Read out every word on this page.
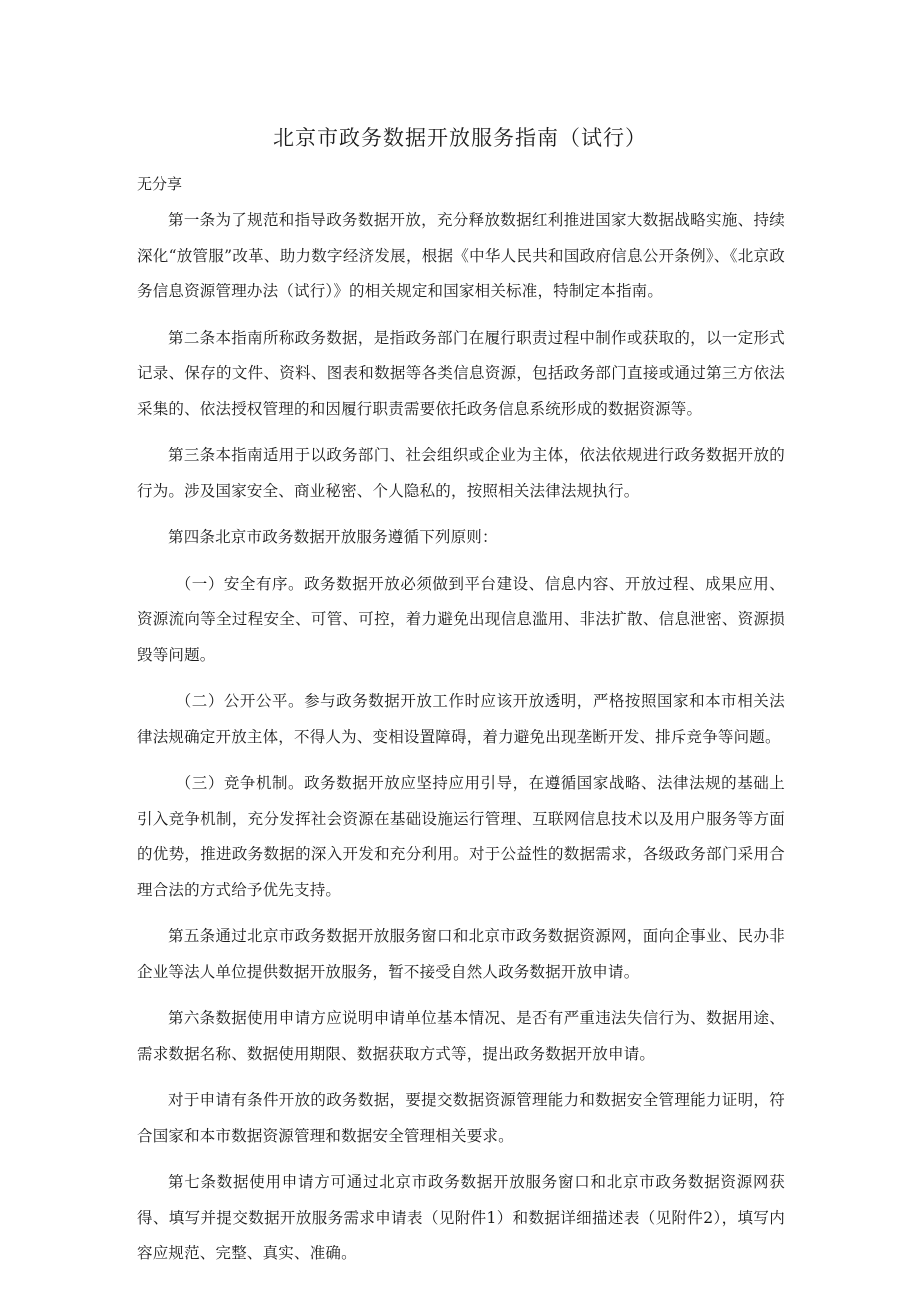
北京市政务数据开放服务指南（试行）

无分享

第一条为了规范和指导政务数据开放，充分释放数据红利推进国家大数据战略实施、持续深化“放管服”改革、助力数字经济发展，根据《中华人民共和国政府信息公开条例》、《北京政务信息资源管理办法（试行）》的相关规定和国家相关标准，特制定本指南。

第二条本指南所称政务数据，是指政务部门在履行职责过程中制作或获取的，以一定形式记录、保存的文件、资料、图表和数据等各类信息资源，包括政务部门直接或通过第三方依法采集的、依法授权管理的和因履行职责需要依托政务信息系统形成的数据资源等。

第三条本指南适用于以政务部门、社会组织或企业为主体，依法依规进行政务数据开放的行为。涉及国家安全、商业秘密、个人隐私的，按照相关法律法规执行。

第四条北京市政务数据开放服务遵循下列原则：

（一）安全有序。政务数据开放必须做到平台建设、信息内容、开放过程、成果应用、资源流向等全过程安全、可管、可控，着力避免出现信息滥用、非法扩散、信息泄密、资源损毁等问题。

（二）公开公平。参与政务数据开放工作时应该开放透明，严格按照国家和本市相关法律法规确定开放主体，不得人为、变相设置障碍，着力避免出现垄断开发、排斥竞争等问题。

（三）竞争机制。政务数据开放应坚持应用引导，在遵循国家战略、法律法规的基础上引入竞争机制，充分发挥社会资源在基础设施运行管理、互联网信息技术以及用户服务等方面的优势，推进政务数据的深入开发和充分利用。对于公益性的数据需求，各级政务部门采用合理合法的方式给予优先支持。

第五条通过北京市政务数据开放服务窗口和北京市政务数据资源网，面向企事业、民办非企业等法人单位提供数据开放服务，暂不接受自然人政务数据开放申请。

第六条数据使用申请方应说明申请单位基本情况、是否有严重违法失信行为、数据用途、需求数据名称、数据使用期限、数据获取方式等，提出政务数据开放申请。

对于申请有条件开放的政务数据，要提交数据资源管理能力和数据安全管理能力证明，符合国家和本市数据资源管理和数据安全管理相关要求。

第七条数据使用申请方可通过北京市政务数据开放服务窗口和北京市政务数据资源网获得、填写并提交数据开放服务需求申请表（见附件1）和数据详细描述表（见附件2），填写内容应规范、完整、真实、准确。
